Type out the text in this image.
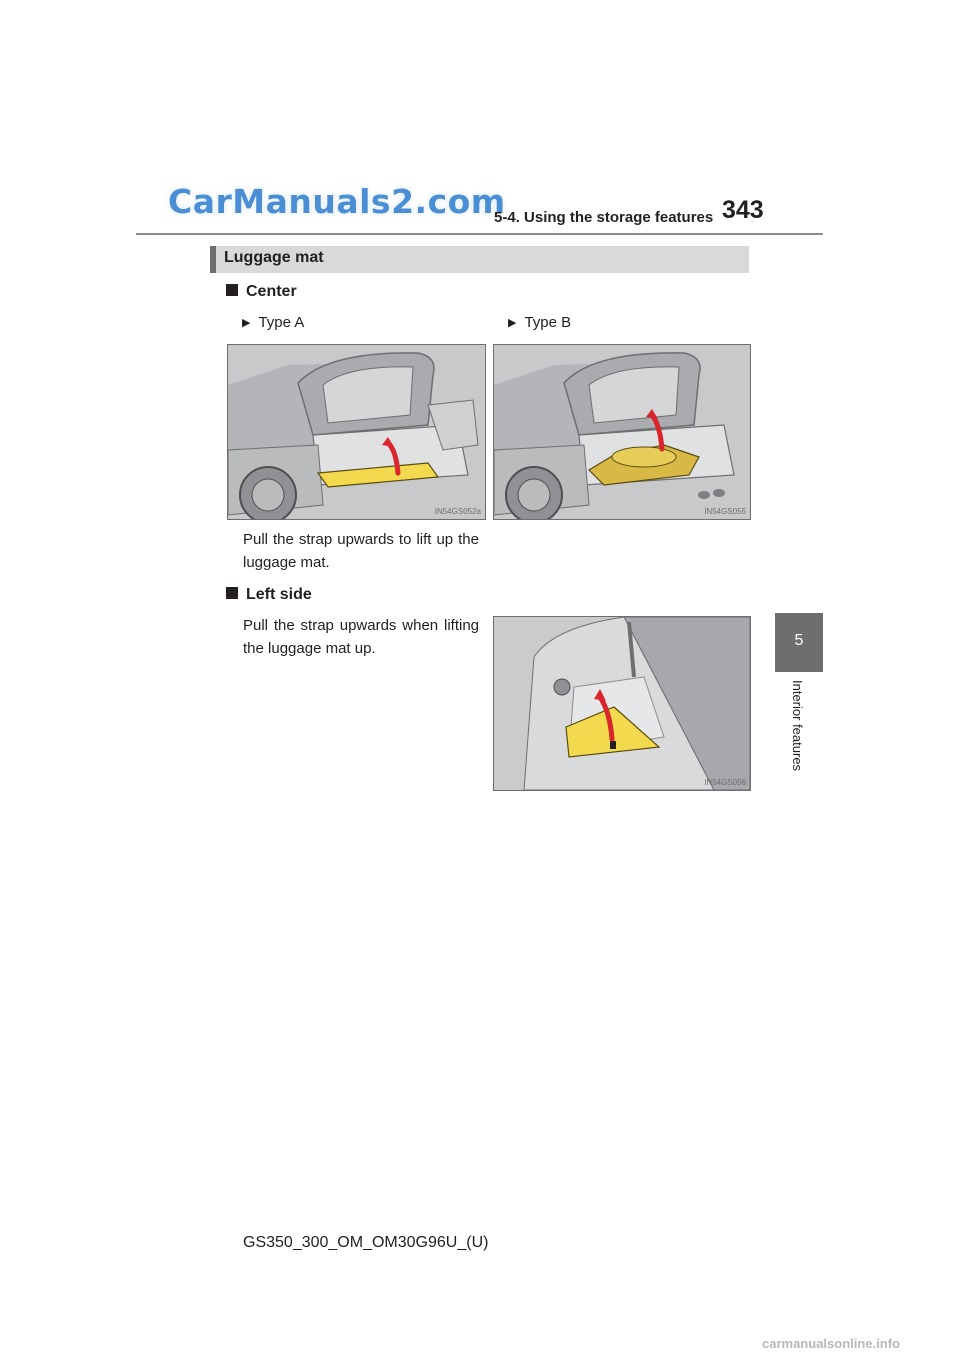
CarManuals2.com
5-4. Using the storage features 343
Luggage mat
Center
▶ Type A	▶ Type B
IN54GS052a	IN54GS055
Pull the strap upwards to lift up the luggage mat.
Left side
Pull the strap upwards when lifting the luggage mat up.
IN54GS056
5
Interior features
GS350_300_OM_OM30G96U_(U)
carmanualsonline.info
